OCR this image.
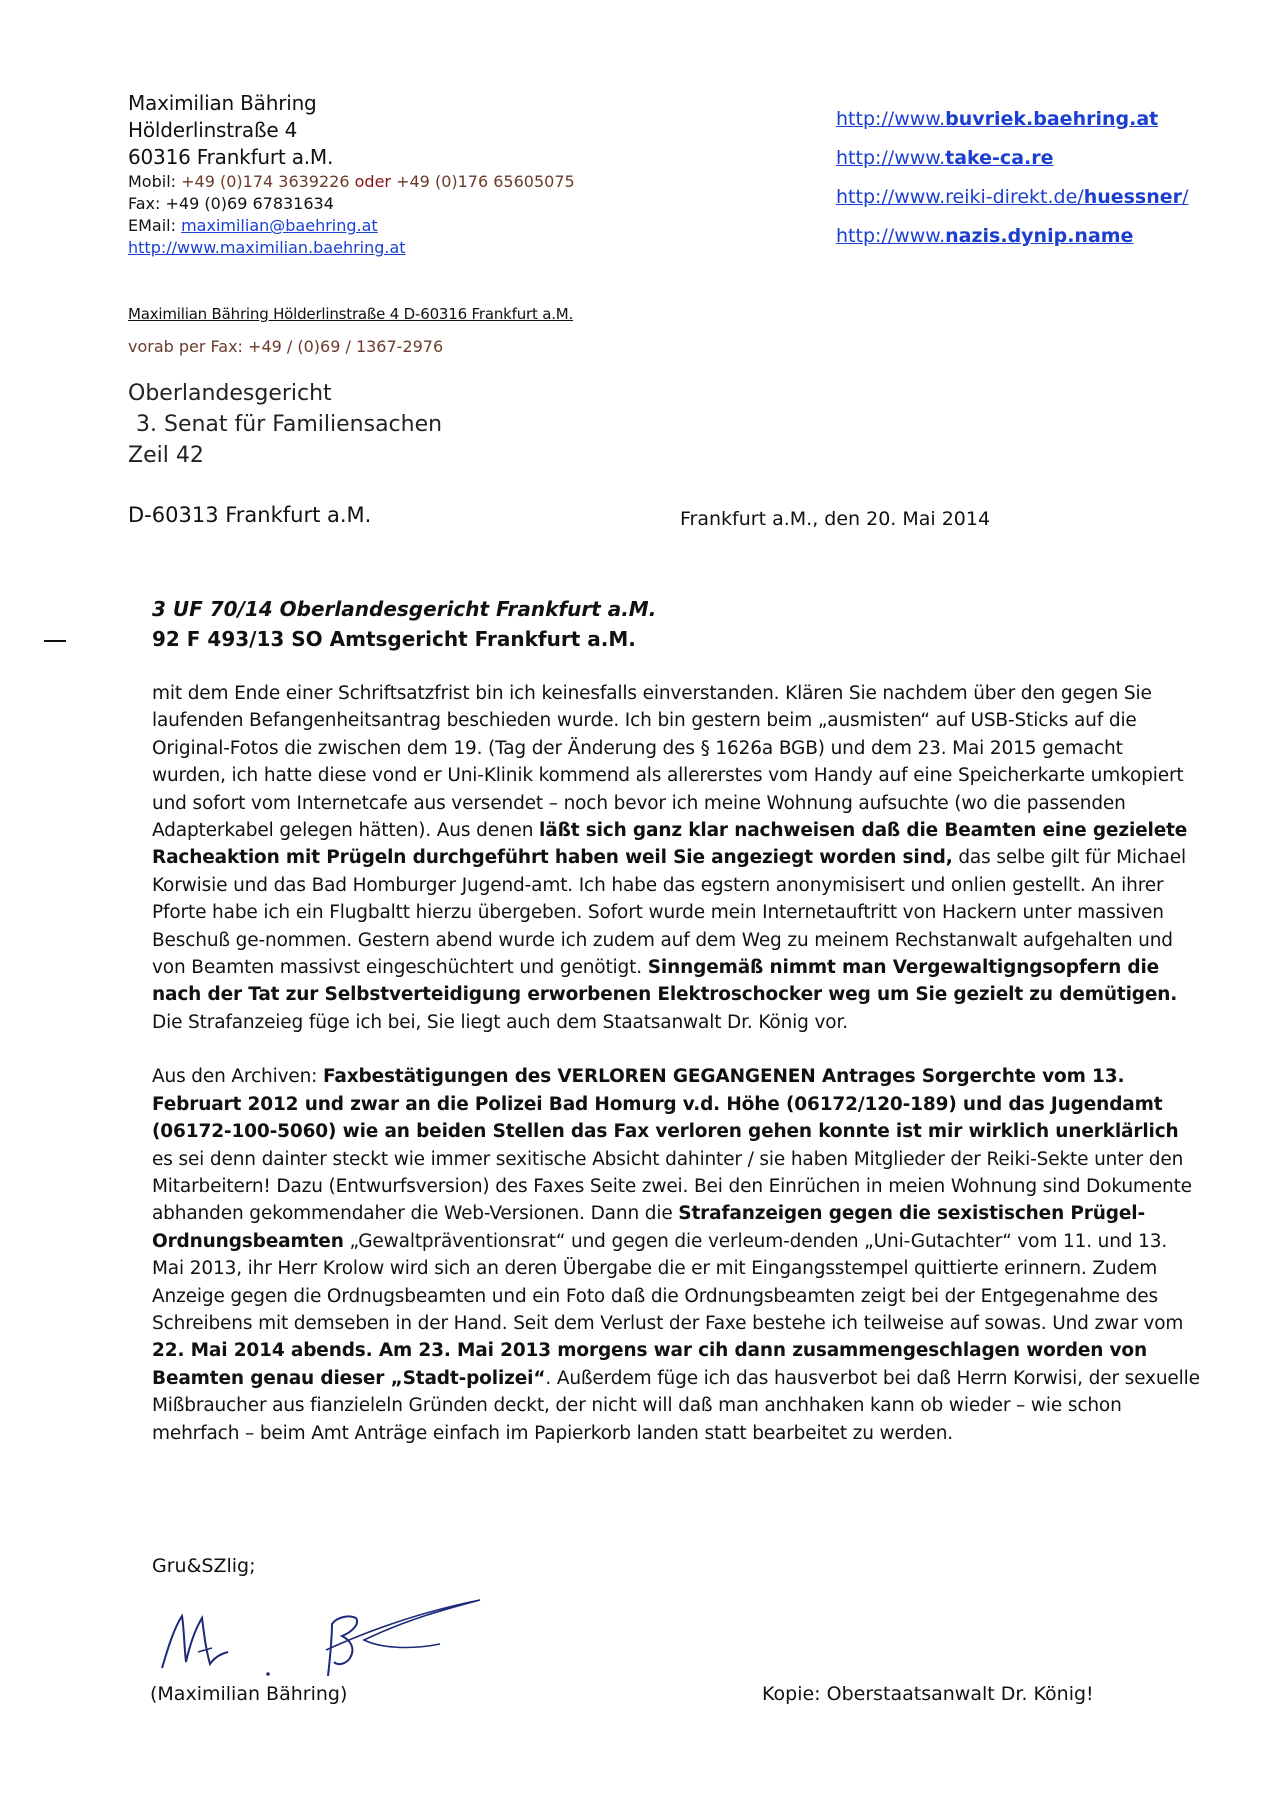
Maximilian Bähring
Hölderlinstraße 4
60316 Frankfurt a.M.
Mobil: +49 (0)174 3639226 oder +49 (0)176 65605075
Fax: +49 (0)69 67831634
EMail: maximilian@baehring.at
http://www.maximilian.baehring.at
http://www.buvriek.baehring.at
http://www.take-ca.re
http://www.reiki-direkt.de/huessner/
http://www.nazis.dynip.name
Maximilian Bähring Hölderlinstraße 4 D-60316 Frankfurt a.M.
vorab per Fax: +49 / (0)69 / 1367-2976
Oberlandesgericht
3. Senat für Familiensachen
Zeil 42
D-60313 Frankfurt a.M.	Frankfurt a.M., den 20. Mai 2014
3 UF 70/14 Oberlandesgericht Frankfurt a.M.
92 F 493/13 SO Amtsgericht Frankfurt a.M.

mit dem Ende einer Schriftsatzfrist bin ich keinesfalls einverstanden. Klären Sie nachdem über den gegen Sie laufenden Befangenheitsantrag beschieden wurde. Ich bin gestern beim „ausmisten“ auf USB-Sticks auf die Original-Fotos die zwischen dem 19. (Tag der Änderung des § 1626a BGB) und dem 23. Mai 2015 gemacht wurden, ich hatte diese vond er Uni-Klinik kommend als allererstes vom Handy auf eine Speicherkarte umkopiert und sofort vom Internetcafe aus versendet – noch bevor ich meine Wohnung aufsuchte (wo die passenden Adapterkabel gelegen hätten). Aus denen läßt sich ganz klar nachweisen daß die Beamten eine gezielete Racheaktion mit Prügeln durchgeführt haben weil Sie angeziegt worden sind, das selbe gilt für Michael Korwisie und das Bad Homburger Jugend-amt. Ich habe das egstern anonymisisert und onlien gestellt. An ihrer Pforte habe ich ein Flugbaltt hierzu übergeben. Sofort wurde mein Internetauftritt von Hackern unter massiven Beschuß ge-nommen. Gestern abend wurde ich zudem auf dem Weg zu meinem Rechstanwalt aufgehalten und von Beamten massivst eingeschüchtert und genötigt. Sinngemäß nimmt man Vergewaltigngsopfern die nach der Tat zur Selbstverteidigung erworbenen Elektroschocker weg um Sie gezielt zu demütigen. Die Strafanzeieg füge ich bei, Sie liegt auch dem Staatsanwalt Dr. König vor.

Aus den Archiven: Faxbestätigungen des VERLOREN GEGANGENEN Antrages Sorgerchte vom 13. Februart 2012 und zwar an die Polizei Bad Homurg v.d. Höhe (06172/120-189) und das Jugendamt (06172-100-5060) wie an beiden Stellen das Fax verloren gehen konnte ist mir wirklich unerklärlich es sei denn dainter steckt wie immer sexitische Absicht dahinter / sie haben Mitglieder der Reiki-Sekte unter den Mitarbeitern! Dazu (Entwurfsversion) des Faxes Seite zwei. Bei den Einrüchen in meien Wohnung sind Dokumente abhanden gekommendaher die Web-Versionen. Dann die Strafanzeigen gegen die sexistischen Prügel-Ordnungsbeamten „Gewaltpräventionsrat“ und gegen die verleum-denden „Uni-Gutachter“ vom 11. und 13. Mai 2013, ihr Herr Krolow wird sich an deren Übergabe die er mit Eingangsstempel quittierte erinnern. Zudem Anzeige gegen die Ordnugsbeamten und ein Foto daß die Ordnungsbeamten zeigt bei der Entgegenahme des Schreibens mit demseben in der Hand. Seit dem Verlust der Faxe bestehe ich teilweise auf sowas. Und zwar vom 22. Mai 2014 abends. Am 23. Mai 2013 morgens war cih dann zusammengeschlagen worden von Beamten genau dieser „Stadt-polizei“. Außerdem füge ich das hausverbot bei daß Herrn Korwisi, der sexuelle Mißbraucher aus fianzieleln Gründen deckt, der nicht will daß man anchhaken kann ob wieder – wie schon mehrfach – beim Amt Anträge einfach im Papierkorb landen statt bearbeitet zu werden.

Gru&SZlig;
(Maximilian Bähring)	Kopie: Oberstaatsanwalt Dr. König!
